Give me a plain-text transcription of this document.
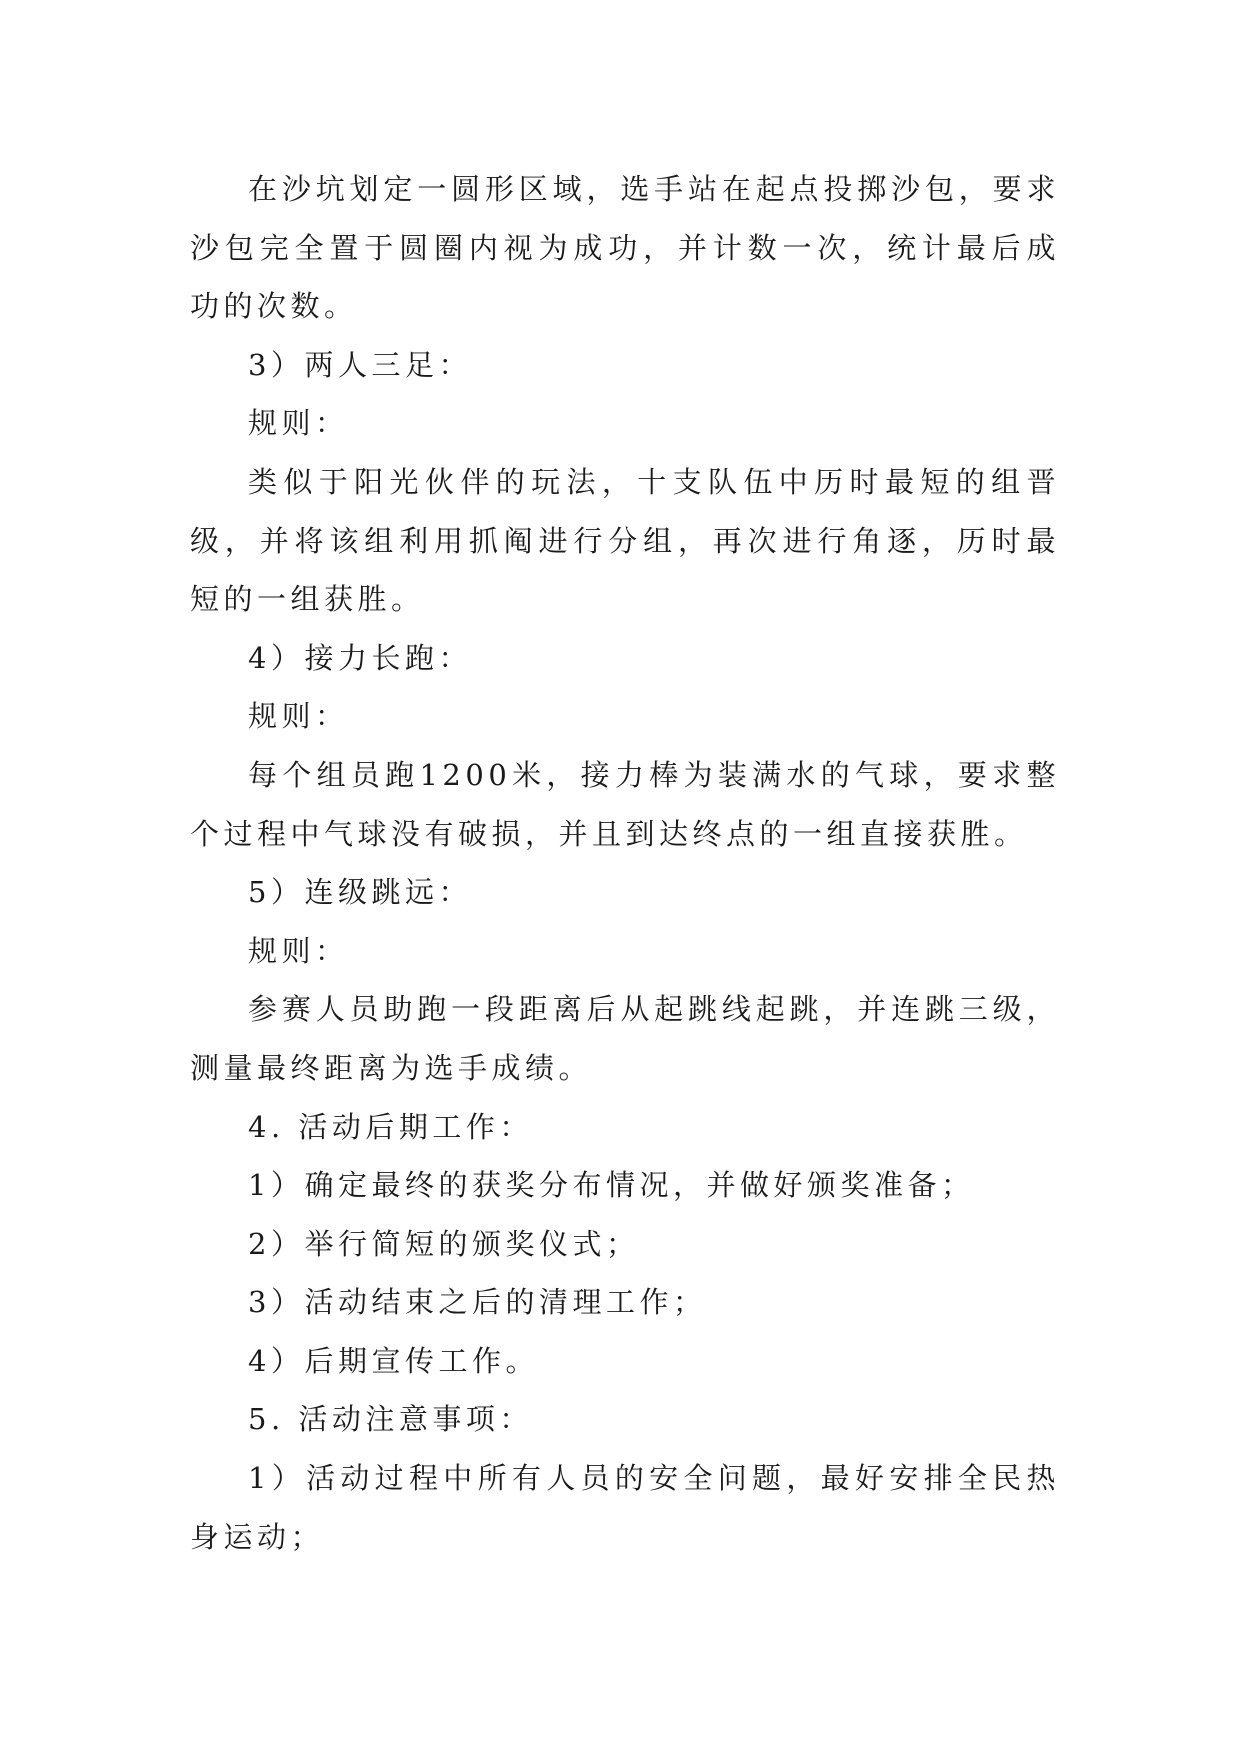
在沙坑划定一圆形区域，选手站在起点投掷沙包，要求沙包完全置于圆圈内视为成功，并计数一次，统计最后成功的次数。

3）两人三足：

规则：

类似于阳光伙伴的玩法，十支队伍中历时最短的组晋级，并将该组利用抓阄进行分组，再次进行角逐，历时最短的一组获胜。

4）接力长跑：

规则：

每个组员跑1200米，接力棒为装满水的气球，要求整个过程中气球没有破损，并且到达终点的一组直接获胜。

5）连级跳远：

规则：

参赛人员助跑一段距离后从起跳线起跳，并连跳三级，测量最终距离为选手成绩。

4. 活动后期工作：

1）确定最终的获奖分布情况，并做好颁奖准备；

2）举行简短的颁奖仪式；

3）活动结束之后的清理工作；

4）后期宣传工作。

5. 活动注意事项：

1）活动过程中所有人员的安全问题，最好安排全民热身运动；
